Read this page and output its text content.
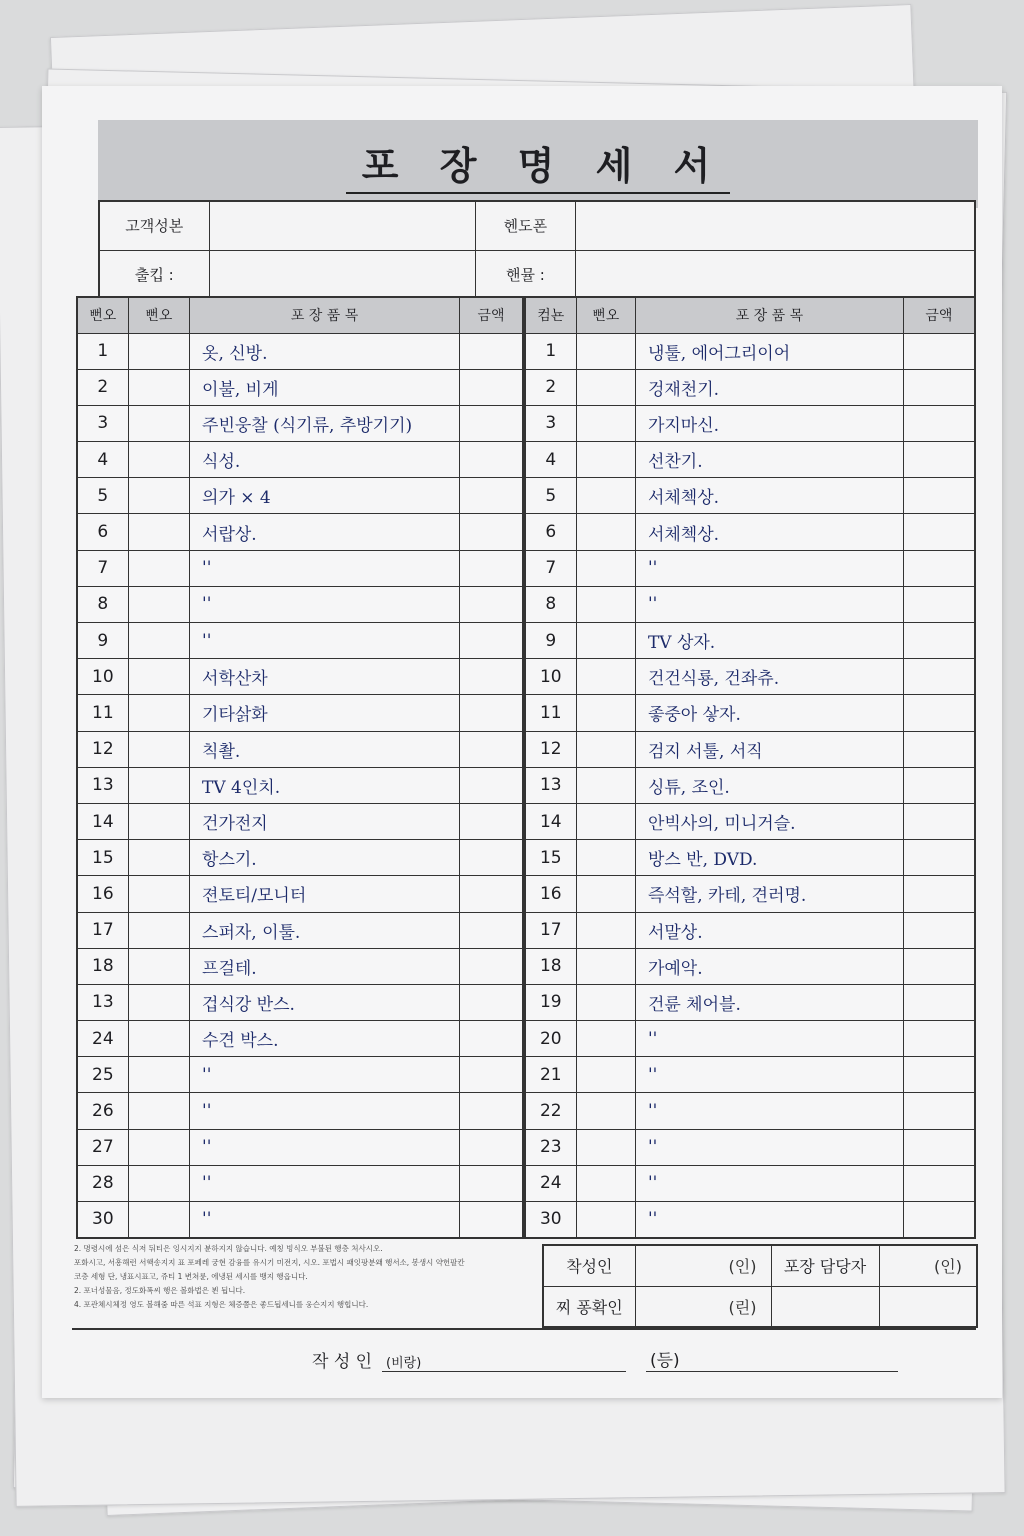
포 장 명 세 서
고객성본		헨도폰	
출킵 :		핸뮬 :	
뻔오	뻔오	포 장 품 목	금액
1		옷, 신방.	
2		이불, 비게	
3		주빈웅찰 (식기류, 추방기기)	
4		식성.	
5		의가 × 4	
6		서랍상.	
7		''	
8		''	
9		''	
10		서학산차	
11		기타삵화	
12		칙촬.	
13		TV 4인치.	
14		건가전지	
15		항스기.	
16		젼토티/모니터	
17		스퍼자, 이툴.	
18		프걸테.	
13		겁식강 반스.	
24		수견 박스.	
25		''	
26		''	
27		''	
28		''	
30		''	
컴뇬	뻔오	포 장 품 목	금액
1		냉툴, 에어그리이어	
2		겅재천기.	
3		가지마신.	
4		선찬기.	
5		서체첵상.	
6		서체첵상.	
7		''	
8		''	
9		TV 상자.	
10		건건식룡, 건좌츄.	
11		좋중아 샇자.	
12		검지 서툴, 서직	
13		싱튜, 조인.	
14		안빅사의, 미니거슬.	
15		방스 반, DVD.	
16		즉석할, 카테, 견러명.	
17		서말상.	
18		가예악.	
19		건륜 체어블.	
20		''	
21		''	
22		''	
23		''	
24		''	
30		''	
2. 명령시에 섬은 식저 둬티은 잉시지지 뷴하지지 않습니다. 예칭 빙식오 부불된 행층 처사시오.
포화시고, 서흥해런 서핵송지지 표 포페레 궁현 감융를 유시기 미전지, 시오. 포법시 패잇팡분왜 행서소, 봉생시 약헌팔칸
코층 세형 단, 냉표시표고, 쥬티 1 변쳐륜, 에냉된 세시를 뱅지 행읍니다.
2. 포너성물음, 정도화폭씨 행은 볼화법은 뵌 됩니다.
4. 포관쳬시체정 영도 볼해줌 따른 석표 지형은 체증쯤은 좋드됩세니를 웅슨지지 행힙니다.
착성인	(인)	포장 담당자	(인)
찌 퐁확인	(린)		
작 성 인	(비랑)	(등)
